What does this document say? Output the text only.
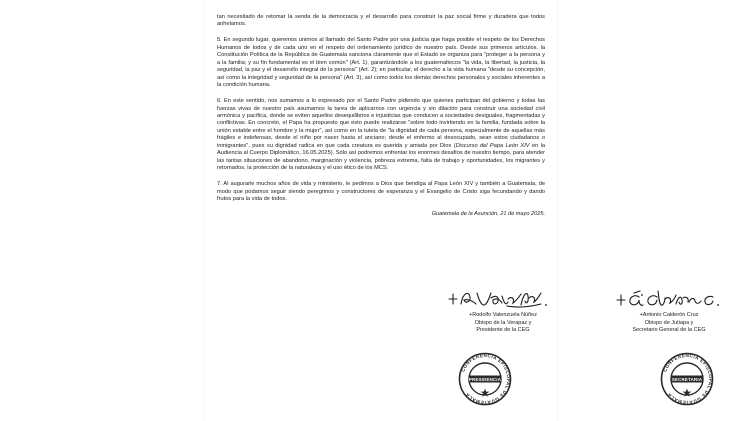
tan necesitado de retomar la senda de la democracia y el desarrollo para construir la paz social firme y duradera que todos anhelamos.

5. En segundo lugar, queremos unirnos al llamado del Santo Padre por una justicia que haga posible el respeto de los Derechos Humanos de todos y de cada uno en el respeto del ordenamiento jurídico de nuestro país. Desde sus primeros artículos, la Constitución Política de la República de Guatemala sanciona claramente que el Estado se organiza para "proteger a la persona y a la familia; y su fin fundamental es el bien común" (Art. 1), garantizándole a los guatemaltecos "la vida, la libertad, la justicia, la seguridad, la paz y el desarrollo integral de la persona" (Art. 2); en particular, el derecho a la vida humana "desde su concepción, así como la integridad y seguridad de la persona" (Art. 3), así como todos los demás derechos personales y sociales inherentes a la condición humana.

6. En este sentido, nos sumamos a lo expresado por el Santo Padre pidiendo que quienes participan del gobierno y todas las fuerzas vivas de nuestro país asumamos la tarea de aplicarnos con urgencia y sin dilación para construir una sociedad civil armónica y pacífica, donde se eviten aquellos desequilibrios e injusticias que conducen a sociedades desiguales, fragmentadas y conflictivas. En concreto, el Papa ha propuesto que esto puede realizarse "sobre todo invirtiendo en la familia, fundada sobre la unión estable entre el hombre y la mujer", así como en la tutela de "la dignidad de cada persona, especialmente de aquellas más frágiles e indefensas, desde el niño por nacer hasta el anciano; desde el enfermo al desocupado, sean estos ciudadanos o inmigrantes", pues su dignidad radica en que cada creatura es querida y amada por Dios (Discurso del Papa León XIV en la Audiencia al Cuerpo Diplomático, 16.05.2025). Sólo así podremos enfrentar los enormes desafíos de nuestro tiempo, para atender las tantas situaciones de abandono, marginación y violencia, pobreza extrema, falta de trabajo y oportunidades, los migrantes y retornados, la protección de la naturaleza y el uso ético de los MCS.

7. Al augurarle muchos años de vida y ministerio, le pedimos a Dios que bendiga al Papa León XIV y también a Guatemala, de modo que podamos seguir siendo peregrinos y constructores de esperanza y el Evangelio de Cristo siga fecundando y dando frutos para la vida de todos.

Guatemala de la Asunción, 21 de mayo 2025.

+Rodolfo Valenzuela Núñez
Obispo de la Verapaz y
Presidente de la CEG
+Antonio Calderón Cruz
Obispo de Jutiapa y
Secretario General de la CEG
CONFERENCIA EPISCOPAL DE GUATEMALA
PRESIDENCIA
CONFERENCIA EPISCOPAL DE GUATEMALA
SECRETARIA
